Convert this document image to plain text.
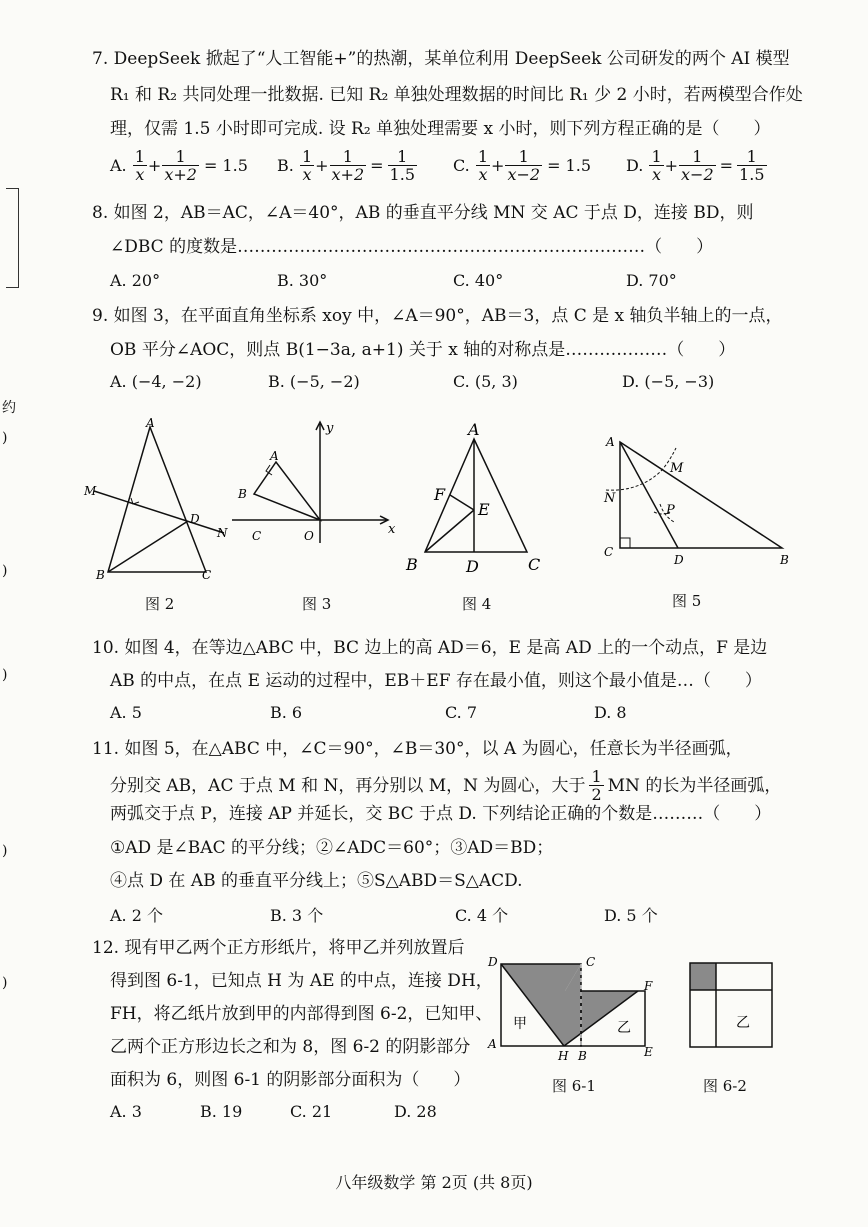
约
)
)
)
)
)
7. DeepSeek 掀起了“人工智能+”的热潮，某单位利用 DeepSeek 公司研发的两个 AI 模型
R₁ 和 R₂ 共同处理一批数据. 已知 R₂ 单独处理数据的时间比 R₁ 少 2 小时，若两模型合作处
理，仅需 1.5 小时即可完成. 设 R₂ 单独处理需要 x 小时，则下列方程正确的是（　　）
A.
$\frac{1}{x} + \frac{1}{x+2} = 1.5$ B.
$\frac{1}{x} + \frac{1}{x+2} = \frac{1}{1.5} C$.
$\frac{1}{x} + \frac{1}{x-2} = 1.5$ D.
$\frac{1}{x} + \frac{1}{x-2} = \frac{1}{1.5}$
8. 如图 2，AB＝AC，∠A＝40°，AB 的垂直平分线 MN 交 AC 于点 D，连接 BD，则
∠DBC 的度数是………………………………………………………………（　　）
A. 20°	B. 30°	C. 40°	D. 70°
9. 如图 3，在平面直角坐标系 xoy 中，∠A＝90°，AB＝3，点 C 是 x 轴负半轴上的一点，
OB 平分∠AOC，则点 B(1−3a, a+1) 关于 x 轴的对称点是………………（　　）
A. (−4, −2)	B. (−5, −2)	C. (5, 3)	D. (−5, −3)
A
M
D
N
B	C
图 2
y
A
B
C	O	x
图 3
A
F
E
B	D	C
图 4
A
M
N
P
C
D	B
图 5
10. 如图 4，在等边△ABC 中，BC 边上的高 AD＝6，E 是高 AD 上的一个动点，F 是边
AB 的中点，在点 E 运动的过程中，EB＋EF 存在最小值，则这个最小值是…（　　）
A. 5	B. 6	C. 7	D. 8
11. 如图 5，在△ABC 中，∠C＝90°，∠B＝30°，以 A 为圆心，任意长为半径画弧，
分别交 AB，AC 于点 M 和 N，再分别以 M，N 为圆心，大于 $\frac{1}{2}$ MN 的长为半径画弧，
两弧交于点 P，连接 AP 并延长，交 BC 于点 D. 下列结论正确的个数是………（　　）
①AD 是∠BAC 的平分线；②∠ADC＝60°；③AD＝BD；
④点 D 在 AB 的垂直平分线上；⑤S△ABD＝S△ACD.
A. 2 个	B. 3 个	C. 4 个	D. 5 个
12. 现有甲乙两个正方形纸片，将甲乙并列放置后
得到图 6-1，已知点 H 为 AE 的中点，连接 DH，
FH，将乙纸片放到甲的内部得到图 6-2，已知甲、
乙两个正方形边长之和为 8，图 6-2 的阴影部分
面积为 6，则图 6-1 的阴影部分面积为（　　）
A. 3	B. 19	C. 21	D. 28
D	C
F
甲	乙
A
H B	E
图 6-1
乙
图 6-2
八年级数学 第 2页 (共 8页)
